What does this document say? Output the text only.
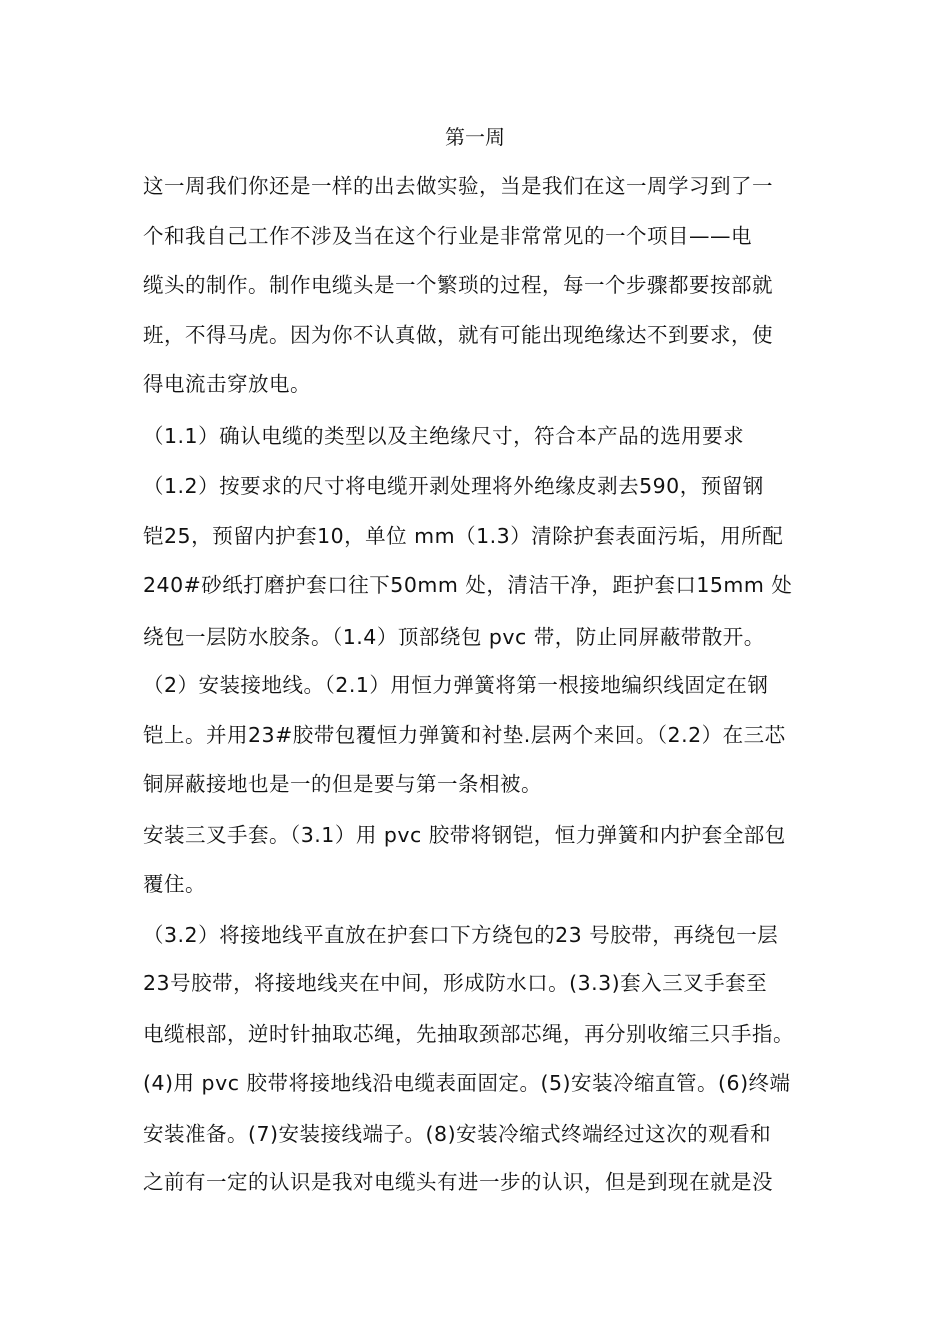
第一周
这一周我们你还是一样的出去做实验，当是我们在这一周学习到了一
个和我自己工作不涉及当在这个行业是非常常见的一个项目——电
缆头的制作。制作电缆头是一个繁琐的过程，每一个步骤都要按部就
班，不得马虎。因为你不认真做，就有可能出现绝缘达不到要求，使
得电流击穿放电。
（1.1）确认电缆的类型以及主绝缘尺寸，符合本产品的选用要求
（1.2）按要求的尺寸将电缆开剥处理将外绝缘皮剥去590，预留钢
铠25，预留内护套10，单位 mm（1.3）清除护套表面污垢，用所配
240#砂纸打磨护套口往下50mm 处，清洁干净，距护套口15mm 处
绕包一层防水胶条。（1.4）顶部绕包 pvc 带，防止同屏蔽带散开。
（2）安装接地线。（2.1）用恒力弹簧将第一根接地编织线固定在钢
铠上。并用23#胶带包覆恒力弹簧和衬垫.层两个来回。（2.2）在三芯
铜屏蔽接地也是一的但是要与第一条相被。
安装三叉手套。（3.1）用 pvc 胶带将钢铠，恒力弹簧和内护套全部包
覆住。
（3.2）将接地线平直放在护套口下方绕包的23 号胶带，再绕包一层
23号胶带，将接地线夹在中间，形成防水口。(3.3)套入三叉手套至
电缆根部，逆时针抽取芯绳，先抽取颈部芯绳，再分别收缩三只手指。
(4)用 pvc 胶带将接地线沿电缆表面固定。(5)安装冷缩直管。(6)终端
安装准备。(7)安装接线端子。(8)安装冷缩式终端经过这次的观看和
之前有一定的认识是我对电缆头有进一步的认识，但是到现在就是没
